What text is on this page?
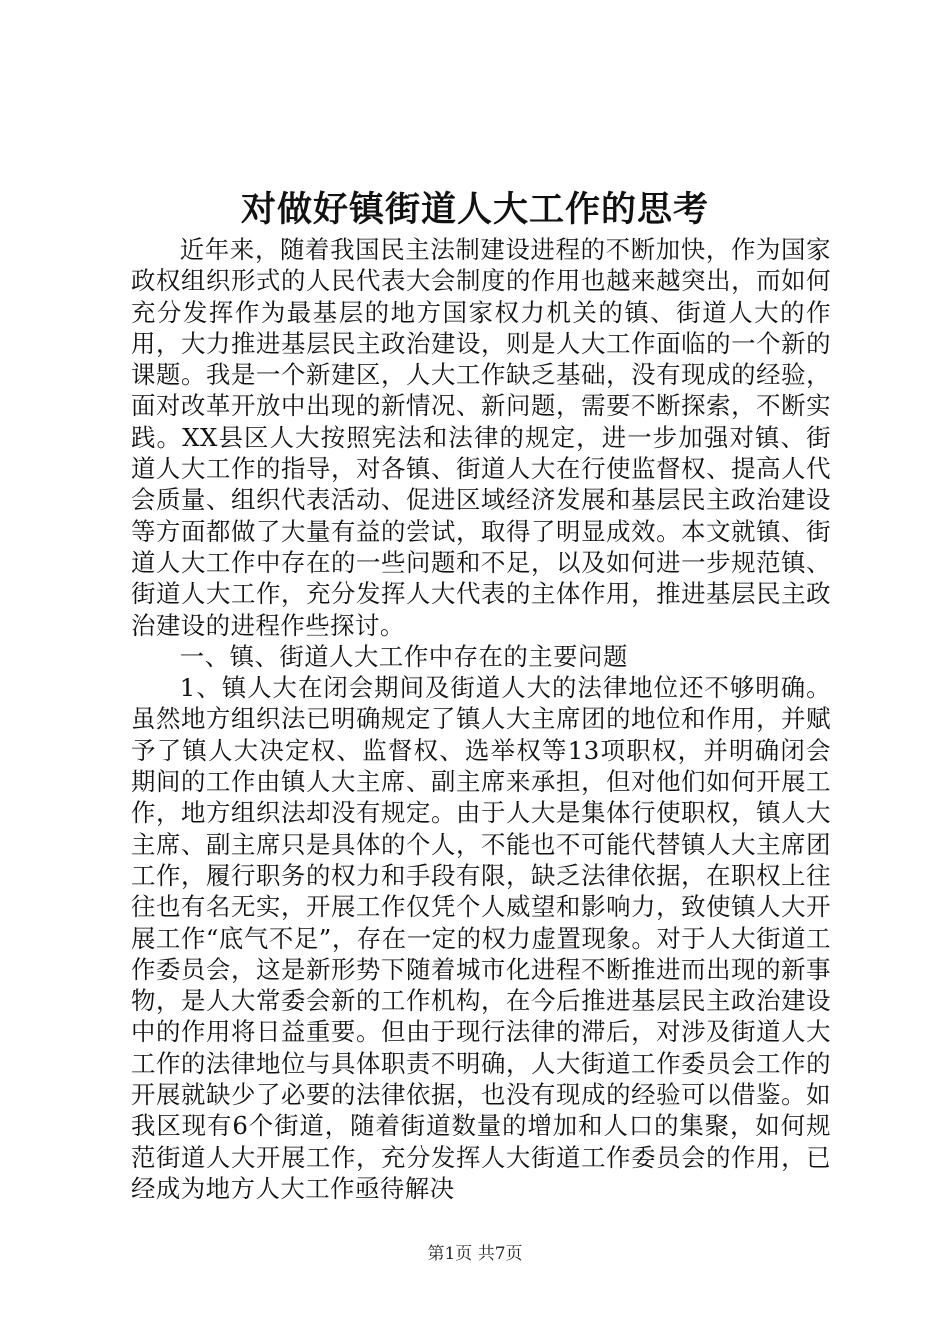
对做好镇街道人大工作的思考

近年来，随着我国民主法制建设进程的不断加快，作为国家政权组织形式的人民代表大会制度的作用也越来越突出，而如何充分发挥作为最基层的地方国家权力机关的镇、街道人大的作用，大力推进基层民主政治建设，则是人大工作面临的一个新的课题。我是一个新建区，人大工作缺乏基础，没有现成的经验，面对改革开放中出现的新情况、新问题，需要不断探索，不断实践。XX县区人大按照宪法和法律的规定，进一步加强对镇、街道人大工作的指导，对各镇、街道人大在行使监督权、提高人代会质量、组织代表活动、促进区域经济发展和基层民主政治建设等方面都做了大量有益的尝试，取得了明显成效。本文就镇、街道人大工作中存在的一些问题和不足，以及如何进一步规范镇、街道人大工作，充分发挥人大代表的主体作用，推进基层民主政治建设的进程作些探讨。

一、镇、街道人大工作中存在的主要问题

1、镇人大在闭会期间及街道人大的法律地位还不够明确。虽然地方组织法已明确规定了镇人大主席团的地位和作用，并赋予了镇人大决定权、监督权、选举权等13项职权，并明确闭会期间的工作由镇人大主席、副主席来承担，但对他们如何开展工作，地方组织法却没有规定。由于人大是集体行使职权，镇人大主席、副主席只是具体的个人，不能也不可能代替镇人大主席团工作，履行职务的权力和手段有限，缺乏法律依据，在职权上往往也有名无实，开展工作仅凭个人威望和影响力，致使镇人大开展工作“底气不足”，存在一定的权力虚置现象。对于人大街道工作委员会，这是新形势下随着城市化进程不断推进而出现的新事物，是人大常委会新的工作机构，在今后推进基层民主政治建设中的作用将日益重要。但由于现行法律的滞后，对涉及街道人大工作的法律地位与具体职责不明确，人大街道工作委员会工作的开展就缺少了必要的法律依据，也没有现成的经验可以借鉴。如我区现有6个街道，随着街道数量的增加和人口的集聚，如何规范街道人大开展工作，充分发挥人大街道工作委员会的作用，已经成为地方人大工作亟待解决

第1页 共7页
